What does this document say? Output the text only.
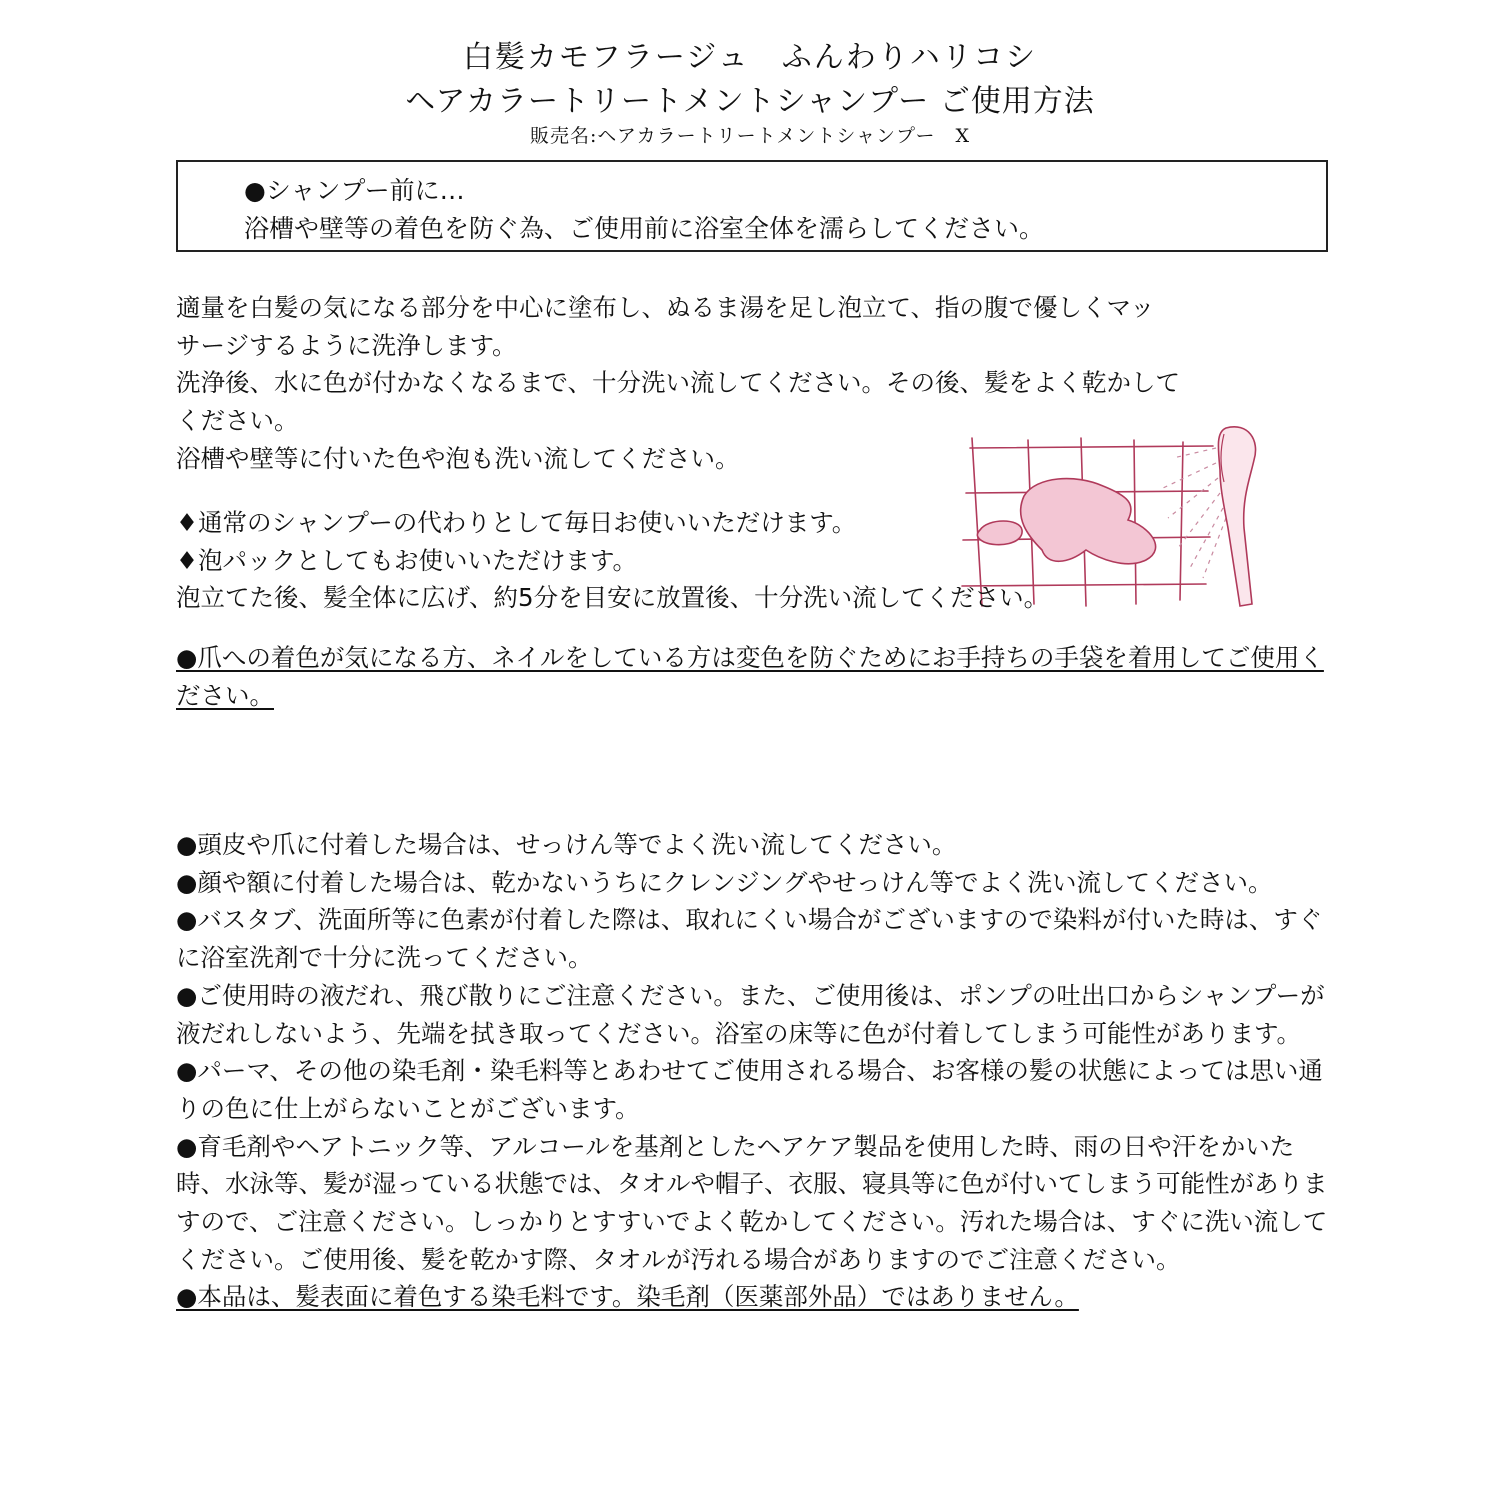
白髪カモフラージュ　ふんわりハリコシ
ヘアカラートリートメントシャンプー ご使用方法
販売名:ヘアカラートリートメントシャンプー　X

●シャンプー前に…

浴槽や壁等の着色を防ぐ為、ご使用前に浴室全体を濡らしてください。

適量を白髪の気になる部分を中心に塗布し、ぬるま湯を足し泡立て、指の腹で優しくマッ
サージするように洗浄します。
洗浄後、水に色が付かなくなるまで、十分洗い流してください。その後、髪をよく乾かして
ください。
浴槽や壁等に付いた色や泡も洗い流してください。
♦通常のシャンプーの代わりとして毎日お使いいただけます。
♦泡パックとしてもお使いいただけます。
泡立てた後、髪全体に広げ、約5分を目安に放置後、十分洗い流してください。
●爪への着色が気になる方、ネイルをしている方は変色を防ぐためにお手持ちの手袋を着用してご使用ください。

●頭皮や爪に付着した場合は、せっけん等でよく洗い流してください。

●顔や額に付着した場合は、乾かないうちにクレンジングやせっけん等でよく洗い流してください。

●バスタブ、洗面所等に色素が付着した際は、取れにくい場合がございますので染料が付いた時は、すぐに浴室洗剤で十分に洗ってください。

●ご使用時の液だれ、飛び散りにご注意ください。また、ご使用後は、ポンプの吐出口からシャンプーが液だれしないよう、先端を拭き取ってください。浴室の床等に色が付着してしまう可能性があります。

●パーマ、その他の染毛剤・染毛料等とあわせてご使用される場合、お客様の髪の状態によっては思い通りの色に仕上がらないことがございます。

●育毛剤やヘアトニック等、アルコールを基剤としたヘアケア製品を使用した時、雨の日や汗をかいた時、水泳等、髪が湿っている状態では、タオルや帽子、衣服、寝具等に色が付いてしまう可能性がありますので、ご注意ください。しっかりとすすいでよく乾かしてください。汚れた場合は、すぐに洗い流してください。ご使用後、髪を乾かす際、タオルが汚れる場合がありますのでご注意ください。

●本品は、髪表面に着色する染毛料です。染毛剤（医薬部外品）ではありません。
